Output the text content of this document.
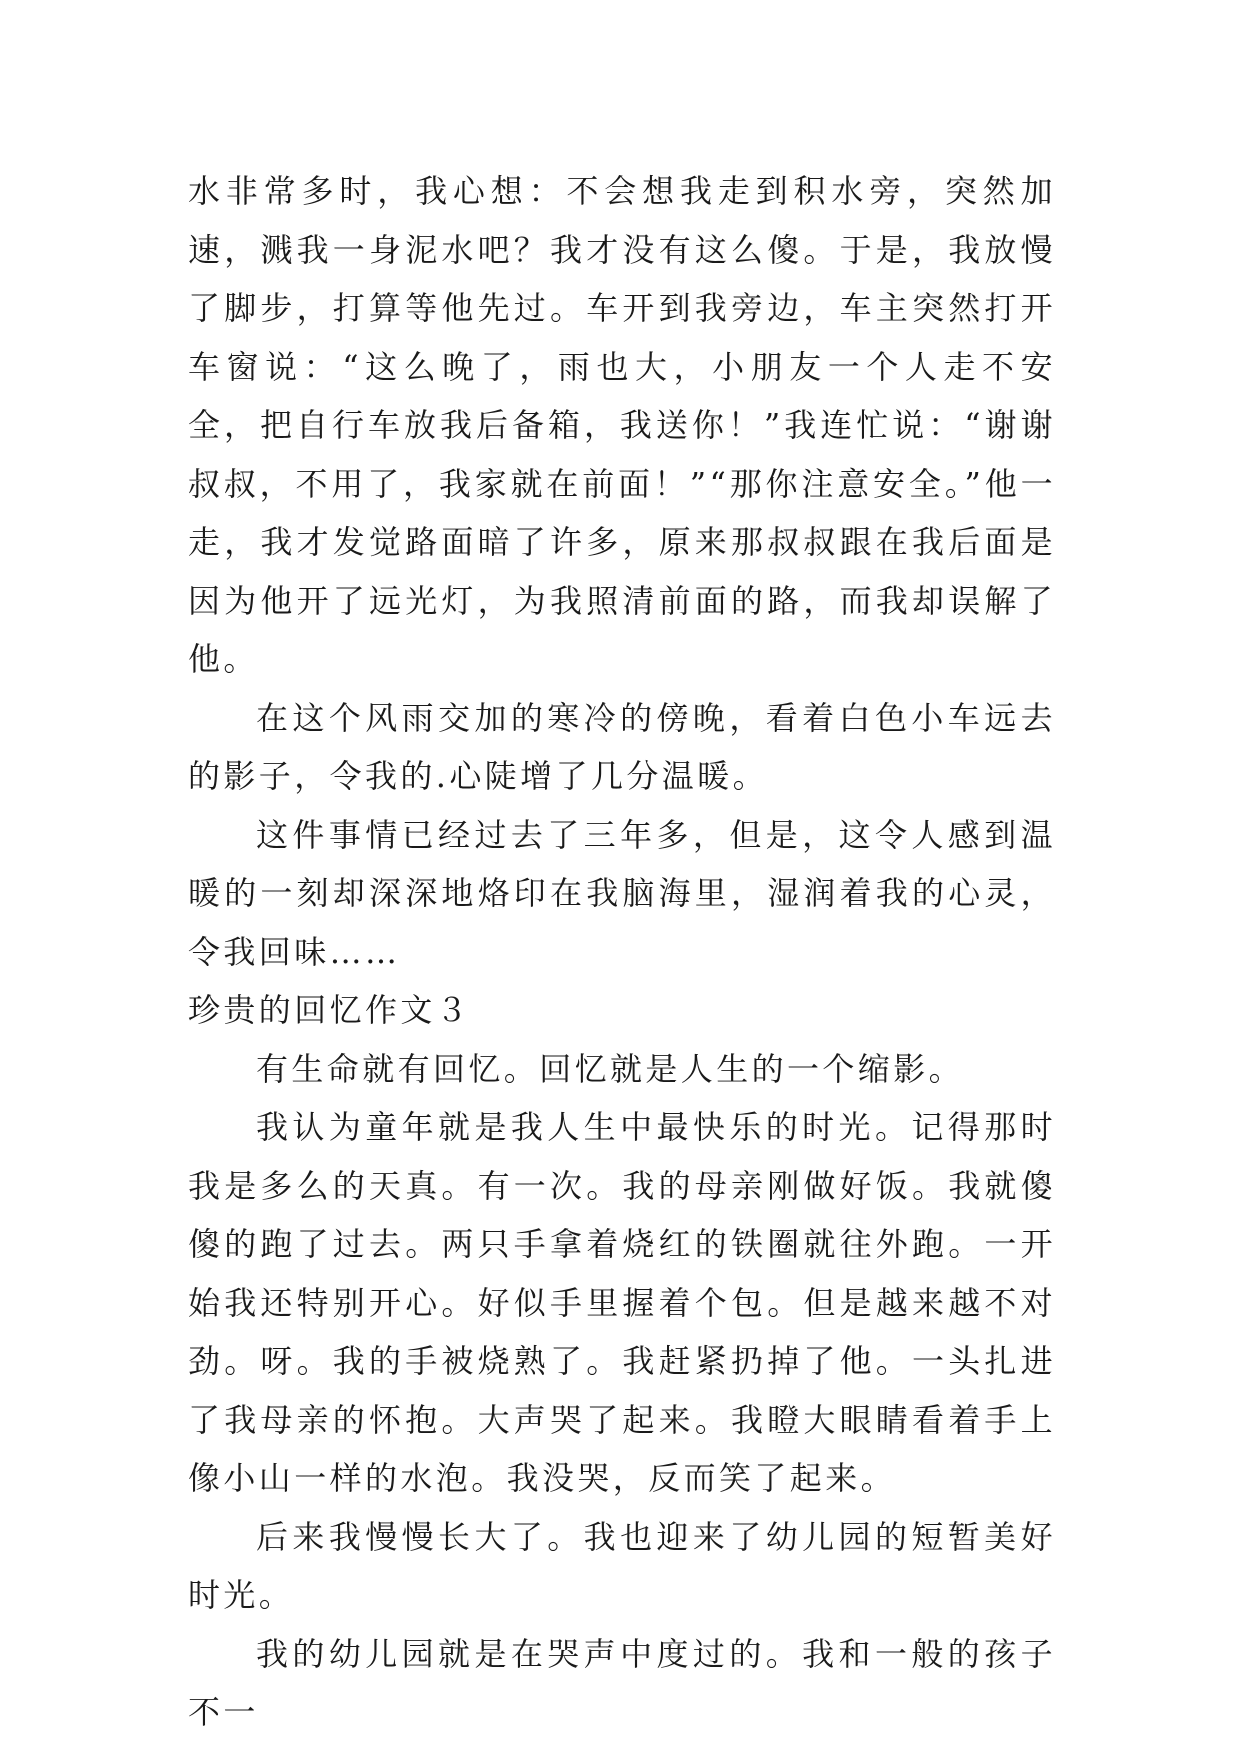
水非常多时，我心想：不会想我走到积水旁，突然加速，溅我一身泥水吧？我才没有这么傻。于是，我放慢了脚步，打算等他先过。车开到我旁边，车主突然打开车窗说：“这么晚了，雨也大，小朋友一个人走不安全，把自行车放我后备箱，我送你！”我连忙说：“谢谢叔叔，不用了，我家就在前面！”“那你注意安全。”他一走，我才发觉路面暗了许多，原来那叔叔跟在我后面是因为他开了远光灯，为我照清前面的路，而我却误解了他。

在这个风雨交加的寒冷的傍晚，看着白色小车远去的影子，令我的.心陡增了几分温暖。

这件事情已经过去了三年多，但是，这令人感到温暖的一刻却深深地烙印在我脑海里，湿润着我的心灵，令我回味……

珍贵的回忆作文３

有生命就有回忆。回忆就是人生的一个缩影。

我认为童年就是我人生中最快乐的时光。记得那时我是多么的天真。有一次。我的母亲刚做好饭。我就傻傻的跑了过去。两只手拿着烧红的铁圈就往外跑。一开始我还特别开心。好似手里握着个包。但是越来越不对劲。呀。我的手被烧熟了。我赶紧扔掉了他。一头扎进了我母亲的怀抱。大声哭了起来。我瞪大眼睛看着手上像小山一样的水泡。我没哭，反而笑了起来。

后来我慢慢长大了。我也迎来了幼儿园的短暂美好时光。

我的幼儿园就是在哭声中度过的。我和一般的孩子不一
